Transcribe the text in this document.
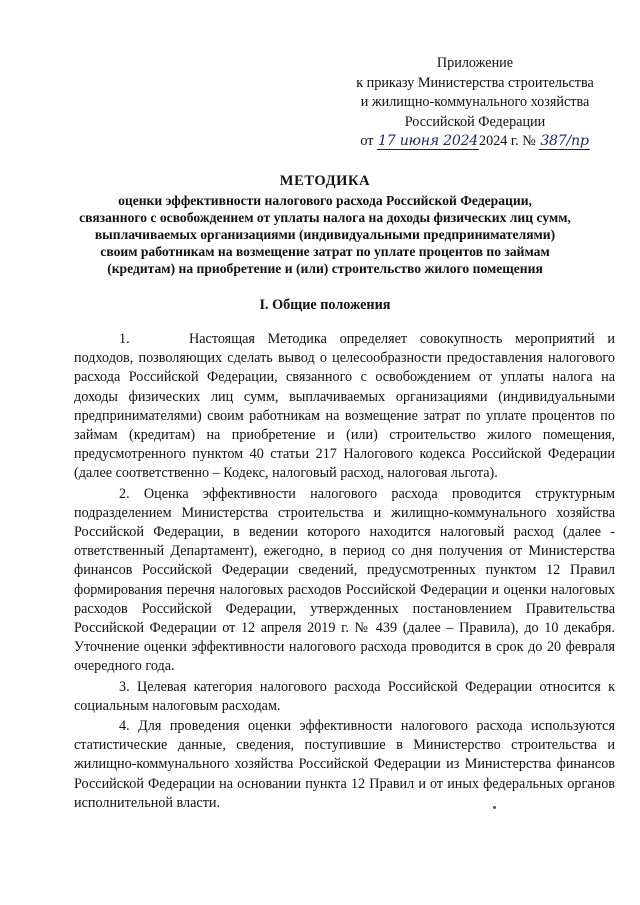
Приложение
к приказу Министерства строительства
и жилищно-коммунального хозяйства
Российской Федерации
от 17 июня 20242024 г. № 387/пр
МЕТОДИКА
оценки эффективности налогового расхода Российской Федерации,
связанного с освобождением от уплаты налога на доходы физических лиц сумм,
выплачиваемых организациями (индивидуальными предпринимателями)
своим работникам на возмещение затрат по уплате процентов по займам
(кредитам) на приобретение и (или) строительство жилого помещения
I. Общие положения

1.	Настоящая Методика определяет совокупность мероприятий и подходов, позволяющих сделать вывод о целесообразности предоставления налогового расхода Российской Федерации, связанного с освобождением от уплаты налога на доходы физических лиц сумм, выплачиваемых организациями (индивидуальными предпринимателями) своим работникам на возмещение затрат по уплате процентов по займам (кредитам) на приобретение и (или) строительство жилого помещения, предусмотренного пунктом 40 статьи 217 Налогового кодекса Российской Федерации (далее соответственно – Кодекс, налоговый расход, налоговая льгота).

2. Оценка эффективности налогового расхода проводится структурным подразделением Министерства строительства и жилищно-коммунального хозяйства Российской Федерации, в ведении которого находится налоговый расход (далее - ответственный Департамент), ежегодно, в период со дня получения от Министерства финансов Российской Федерации сведений, предусмотренных пунктом 12 Правил формирования перечня налоговых расходов Российской Федерации и оценки налоговых расходов Российской Федерации, утвержденных постановлением Правительства Российской Федерации от 12 апреля 2019 г. № 439 (далее – Правила), до 10 декабря. Уточнение оценки эффективности налогового расхода проводится в срок до 20 февраля очередного года.

3. Целевая категория налогового расхода Российской Федерации относится к социальным налоговым расходам.

4. Для проведения оценки эффективности налогового расхода используются статистические данные, сведения, поступившие в Министерство строительства и жилищно-коммунального хозяйства Российской Федерации из Министерства финансов Российской Федерации на основании пункта 12 Правил и от иных федеральных органов исполнительной власти.
